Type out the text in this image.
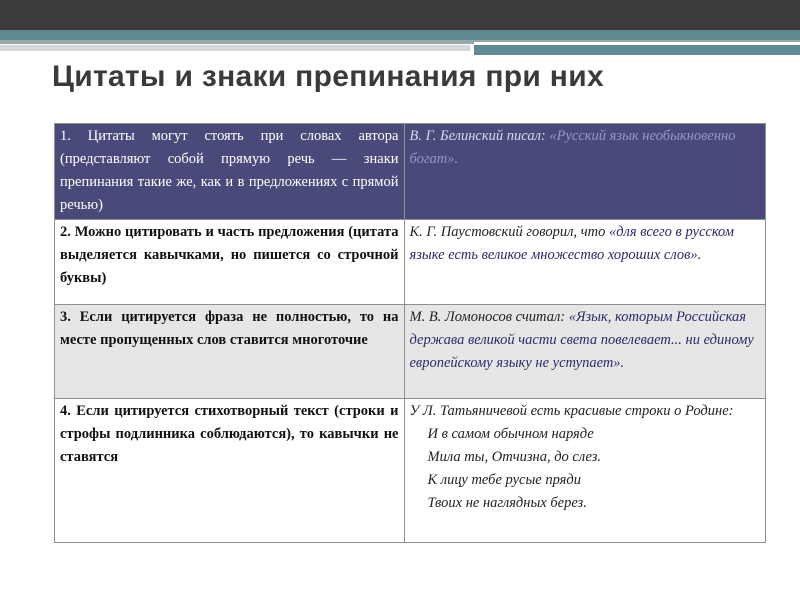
Цитаты и знаки препинания при них
1. Цитаты могут стоять при словах автора (представляют собой прямую речь — знаки препинания такие же, как и в предложениях с прямой речью)	В. Г. Белинский писал: «Русский язык необыкновенно богат».
2. Можно цитировать и часть предложения (цитата выделяется кавычками, но пишется со строчной буквы)	К. Г. Паустовский говорил, что «для всего в русском языке есть великое множество хороших слов».
3. Если цитируется фраза не полностью, то на месте пропущенных слов ставится многоточие	М. В. Ломоносов считал: «Язык, которым Российская держава великой части света повелевает... ни единому европейскому языку не уступает».
4. Если цитируется стихотворный текст (строки и строфы подлинника соблюдаются), то кавычки не ставятся	У Л. Татьяничевой есть красивые строки о Родине:
И в самом обычном наряде
Мила ты, Отчизна, до слез.
К лицу тебе русые пряди
Твоих не наглядных берез.
